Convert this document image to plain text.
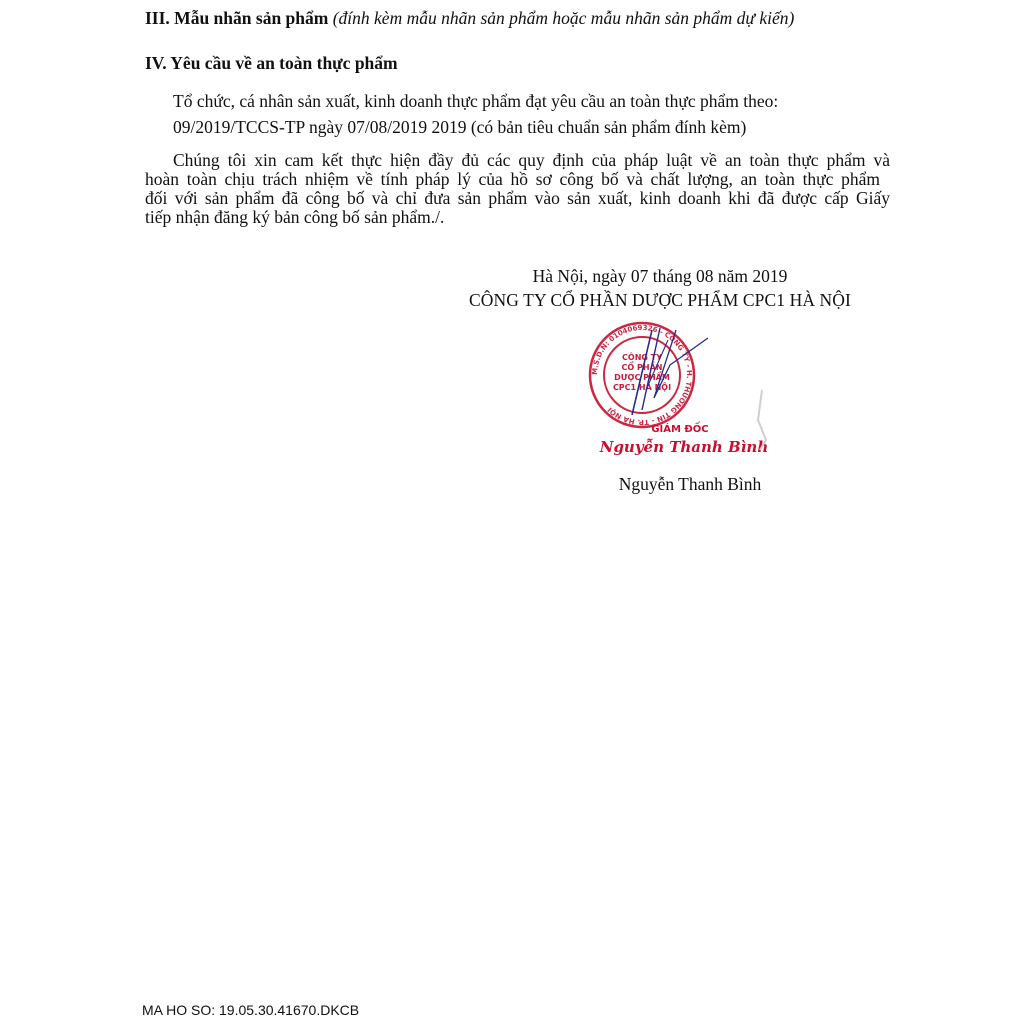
III. Mẫu nhãn sản phẩm (đính kèm mẫu nhãn sản phẩm hoặc mẫu nhãn sản phẩm dự kiến)
IV. Yêu cầu về an toàn thực phẩm
Tổ chức, cá nhân sản xuất, kinh doanh thực phẩm đạt yêu cầu an toàn thực phẩm theo:
09/2019/TCCS-TP ngày 07/08/2019 2019 (có bản tiêu chuẩn sản phẩm đính kèm)
Chúng tôi xin cam kết thực hiện đầy đủ các quy định của pháp luật về an toàn thực phẩm và
hoàn toàn chịu trách nhiệm về tính pháp lý của hồ sơ công bố và chất lượng, an toàn thực phẩm
đối với sản phẩm đã công bố và chỉ đưa sản phẩm vào sản xuất, kinh doanh khi đã được cấp Giấy
tiếp nhận đăng ký bản công bố sản phẩm./.
Hà Nội, ngày 07 tháng 08 năm 2019
CÔNG TY CỔ PHẦN DƯỢC PHẨM CPC1 HÀ NỘI
M.S.D.N: 0104069326 - CÔNG TY - H. THƯỜNG TÍN - TP. HÀ NỘI
CÔNG TY CỔ PHẦN DƯỢC PHẨM CPC1 HÀ NỘI
GIÁM ĐỐC
Nguyễn Thanh Bình
Nguyễn Thanh Bình
MA HO SO: 19.05.30.41670.DKCB
